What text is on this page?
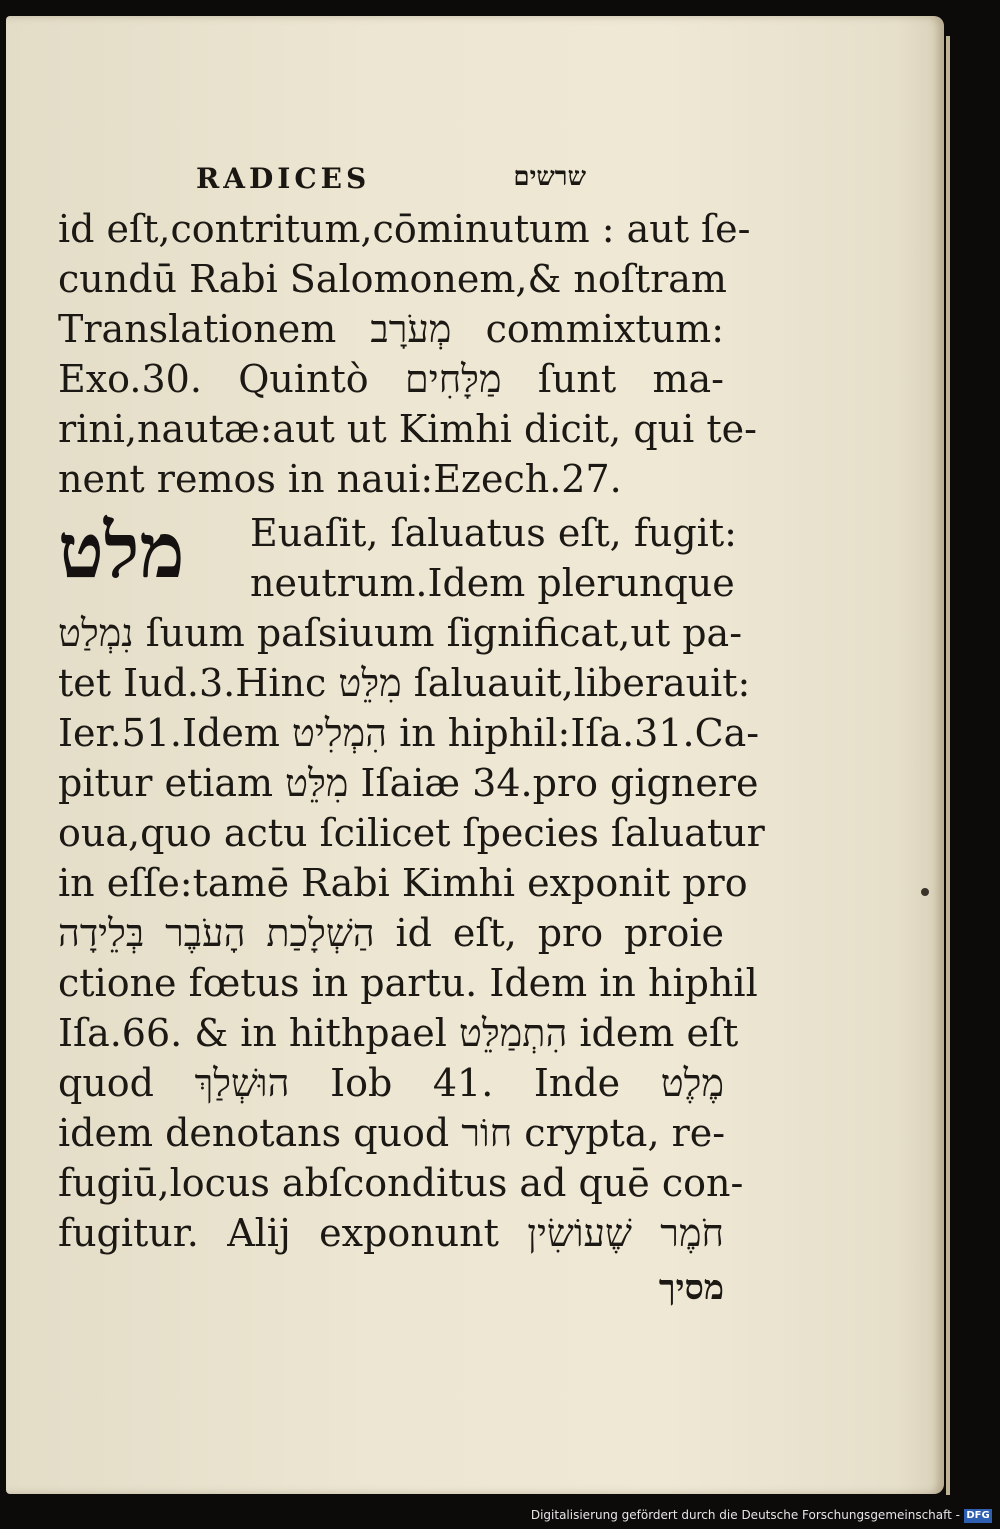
RADICES	שרשים
id eſt,contritum,cōminutum : aut ſe-
cundū Rabi Salomonem,& noſtram
Translationem מְעֹרָב commixtum:
Exo.30. Quintò מַלָּחִים ſunt ma-
rini,nautæ:aut ut Kimhi dicit, qui te-
nent remos in naui:Ezech.27.
מלט Euaſit, ſaluatus eſt, fugit:
neutrum.Idem plerunque
נִמְלַט ſuum paſsiuum ſignificat,ut pa-
tet Iud.3.Hinc מִלֵּט ſaluauit,liberauit:
Ier.51.Idem הִמְלִיט in hiphil:Iſa.31.Ca-
pitur etiam מִלֵּט Iſaiæ 34.pro gignere
oua,quo actu ſcilicet ſpecies ſaluatur
in eſſe:tamē Rabi Kimhi exponit pro
הַשְׁלָכַת הָעֹבֶר בְּלֵידָה id eſt, pro proie
ctione fœtus in partu. Idem in hiphil
Iſa.66. & in hithpael הִתְמַלֵּט idem eſt
quod הוּשְׁלַךְ Iob 41. Inde מֶלֶט
idem denotans quod חוֹר crypta, re-
fugiū,locus abſconditus ad quē con-
fugitur. Alij exponunt חֹמֶר שֶׁעוֹשִׂין
מסיך
Digitalisierung gefördert durch die Deutsche Forschungsgemeinschaft - DFG
